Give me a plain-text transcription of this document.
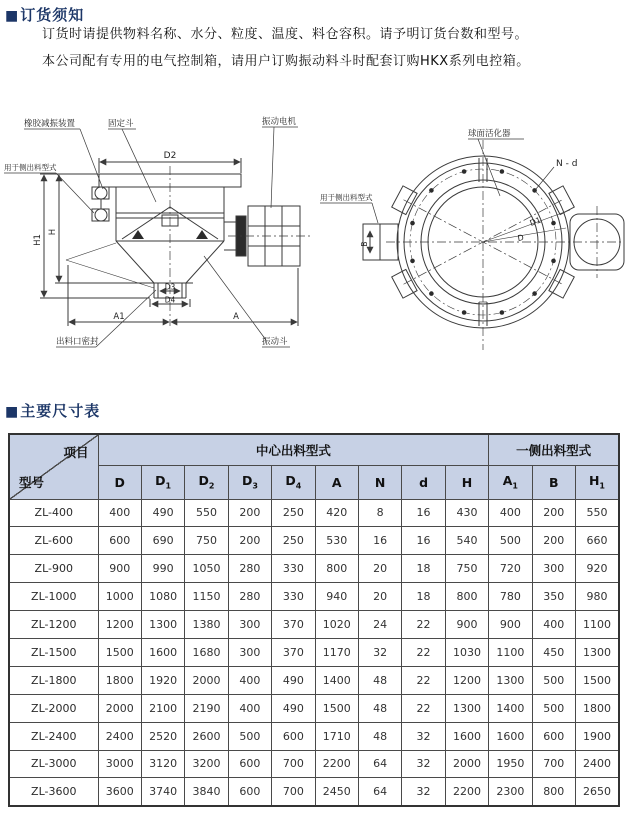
■订货须知

订货时请提供物料名称、水分、粒度、温度、料仓容积。请予明订货台数和型号。

本公司配有专用的电气控制箱，请用户订购振动料斗时配套订购HKX系列电控箱。

D2
H1
H
D3
D4
A1	A
橡胶减振装置	固定斗	振动电机
用于侧出料型式
出料口密封	振动斗
球面活化器
N - d
用于侧出料型式
B
D1
D
■主要尺寸表
项目
型号	中心出料型式									一侧出料型式		
	D	$D_1$	$D_2$	$D_3$	$D_4$	A	N	d	H	$A_1$	B	$H_1$
ZL-400	400	490	550	200	250	420	8	16	430	400	200	550
ZL-600	600	690	750	200	250	530	16	16	540	500	200	660
ZL-900	900	990	1050	280	330	800	20	18	750	720	300	920
ZL-1000	1000	1080	1150	280	330	940	20	18	800	780	350	980
ZL-1200	1200	1300	1380	300	370	1020	24	22	900	900	400	1100
ZL-1500	1500	1600	1680	300	370	1170	32	22	1030	1100	450	1300
ZL-1800	1800	1920	2000	400	490	1400	48	22	1200	1300	500	1500
ZL-2000	2000	2100	2190	400	490	1500	48	22	1300	1400	500	1800
ZL-2400	2400	2520	2600	500	600	1710	48	32	1600	1600	600	1900
ZL-3000	3000	3120	3200	600	700	2200	64	32	2000	1950	700	2400
ZL-3600	3600	3740	3840	600	700	2450	64	32	2200	2300	800	2650
